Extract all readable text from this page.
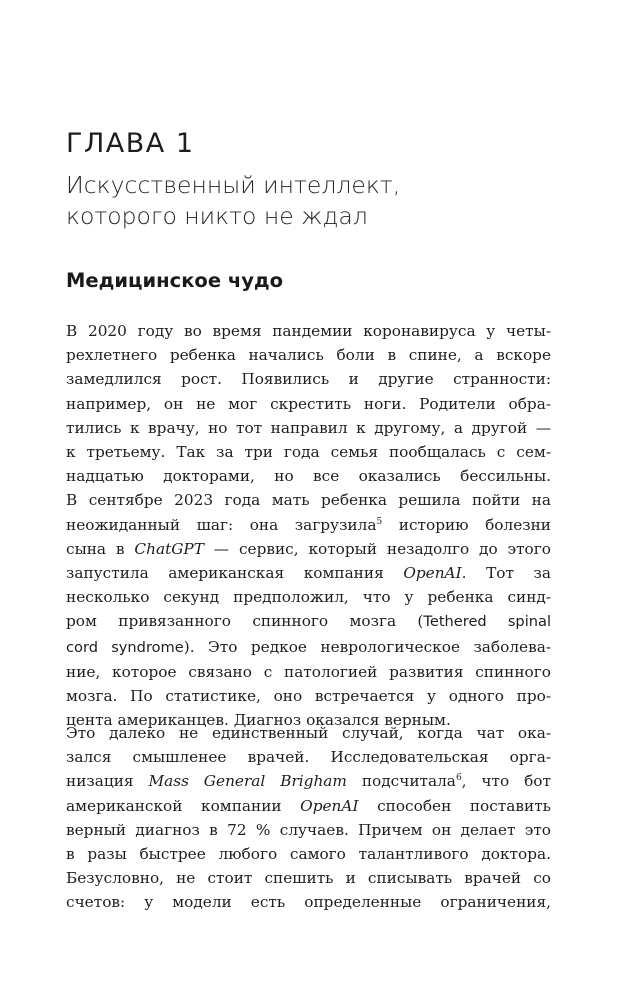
ГЛАВА 1
Искусственный интеллект,
которого никто не ждал
Медицинское чудо

В 2020 году во время пандемии коронавируса у четы-
рехлетнего ребенка начались боли в спине, а вскоре
замедлился рост. Появились и другие странности:
например, он не мог скрестить ноги. Родители обра-
тились к врачу, но тот направил к другому, а другой —
к третьему. Так за три года семья пообщалась с сем-
надцатью докторами, но все оказались бессильны.
В сентябре 2023 года мать ребенка решила пойти на
неожиданный шаг: она загрузила$^5$ историю болезни
сына в ChatGPT — сервис, который незадолго до этого
запустила американская компания OpenAI. Тот за
несколько секунд предположил, что у ребенка синд-
ром привязанного спинного мозга (Tethered spinal
cord syndrome). Это редкое неврологическое заболева-
ние, которое связано с патологией развития спинного
мозга. По статистике, оно встречается у одного про-
цента американцев. Диагноз оказался верным.

Это далеко не единственный случай, когда чат ока-
зался смышленее врачей. Исследовательская орга-
низация Mass General Brigham подсчитала$^6$, что бот
американской компании OpenAI способен поставить
верный диагноз в 72 % случаев. Причем он делает это
в разы быстрее любого самого талантливого доктора.
Безусловно, не стоит спешить и списывать врачей со
счетов: у модели есть определенные ограничения,
